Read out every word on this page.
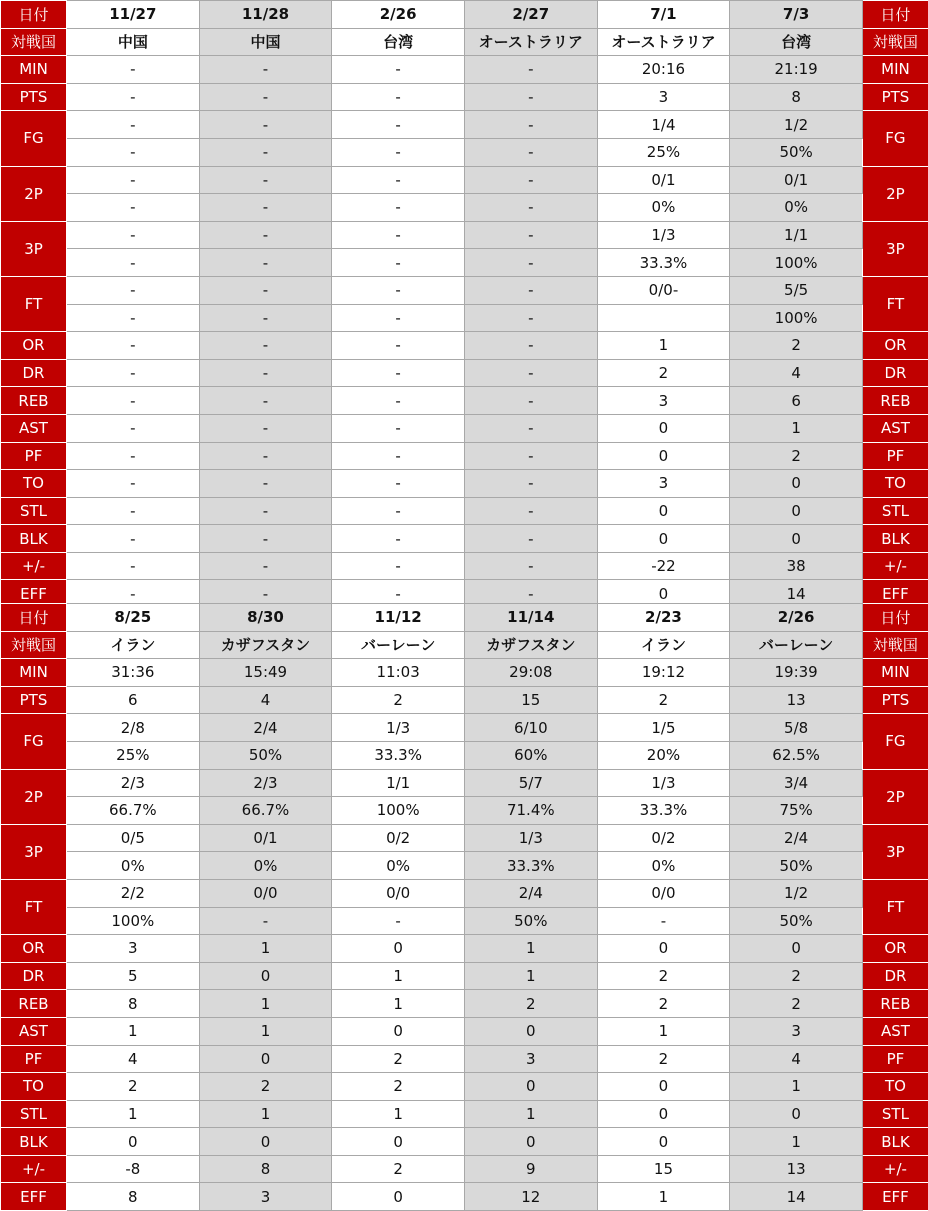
日付	11/27	11/28	2/26	2/27	7/1	7/3	日付
対戦国	中国	中国	台湾	オーストラリア	オーストラリア	台湾	対戦国
MIN	-	-	-	-	20:16	21:19	MIN
PTS	-	-	-	-	3	8	PTS
FG	-	-	-	-	1/4	1/2	FG
	-	-	-	-	25%	50%	
2P	-	-	-	-	0/1	0/1	2P
	-	-	-	-	0%	0%	
3P	-	-	-	-	1/3	1/1	3P
	-	-	-	-	33.3%	100%	
FT	-	-	-	-	0/0-	5/5	FT
	-	-	-	-		100%	
OR	-	-	-	-	1	2	OR
DR	-	-	-	-	2	4	DR
REB	-	-	-	-	3	6	REB
AST	-	-	-	-	0	1	AST
PF	-	-	-	-	0	2	PF
TO	-	-	-	-	3	0	TO
STL	-	-	-	-	0	0	STL
BLK	-	-	-	-	0	0	BLK
+/-	-	-	-	-	-22	38	+/-
EFF	-	-	-	-	0	14	EFF
日付	8/25	8/30	11/12	11/14	2/23	2/26	日付
対戦国	イラン	カザフスタン	バーレーン	カザフスタン	イラン	バーレーン	対戦国
MIN	31:36	15:49	11:03	29:08	19:12	19:39	MIN
PTS	6	4	2	15	2	13	PTS
FG	2/8	2/4	1/3	6/10	1/5	5/8	FG
	25%	50%	33.3%	60%	20%	62.5%	
2P	2/3	2/3	1/1	5/7	1/3	3/4	2P
	66.7%	66.7%	100%	71.4%	33.3%	75%	
3P	0/5	0/1	0/2	1/3	0/2	2/4	3P
	0%	0%	0%	33.3%	0%	50%	
FT	2/2	0/0	0/0	2/4	0/0	1/2	FT
	100%	-	-	50%	-	50%	
OR	3	1	0	1	0	0	OR
DR	5	0	1	1	2	2	DR
REB	8	1	1	2	2	2	REB
AST	1	1	0	0	1	3	AST
PF	4	0	2	3	2	4	PF
TO	2	2	2	0	0	1	TO
STL	1	1	1	1	0	0	STL
BLK	0	0	0	0	0	1	BLK
+/-	-8	8	2	9	15	13	+/-
EFF	8	3	0	12	1	14	EFF
